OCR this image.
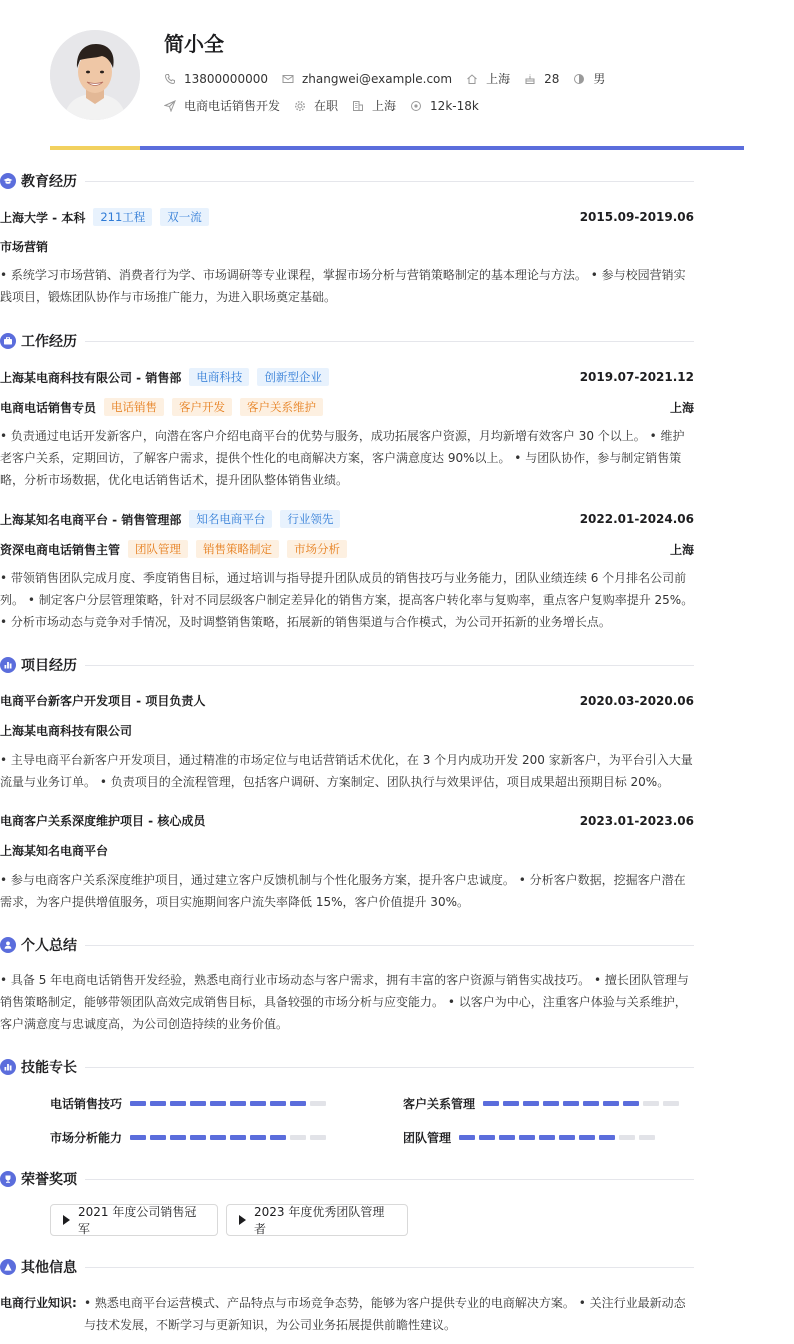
简小全
13800000000	zhangwei@example.com	上海	28	男
电商电话销售开发	在职	上海	12k-18k
教育经历
上海大学 - 本科	211工程	双一流	2015.09-2019.06
市场营销
• 系统学习市场营销、消费者行为学、市场调研等专业课程，掌握市场分析与营销策略制定的基本理论与方法。 • 参与校园营销实践项目，锻炼团队协作与市场推广能力，为进入职场奠定基础。
工作经历
上海某电商科技有限公司 - 销售部	电商科技	创新型企业	2019.07-2021.12
电商电话销售专员	电话销售	客户开发	客户关系维护	上海
• 负责通过电话开发新客户，向潜在客户介绍电商平台的优势与服务，成功拓展客户资源，月均新增有效客户 30 个以上。 • 维护老客户关系，定期回访，了解客户需求，提供个性化的电商解决方案，客户满意度达 90%以上。 • 与团队协作，参与制定销售策略，分析市场数据，优化电话销售话术，提升团队整体销售业绩。
上海某知名电商平台 - 销售管理部	知名电商平台	行业领先	2022.01-2024.06
资深电商电话销售主管	团队管理	销售策略制定	市场分析	上海
• 带领销售团队完成月度、季度销售目标，通过培训与指导提升团队成员的销售技巧与业务能力，团队业绩连续 6 个月排名公司前列。 • 制定客户分层管理策略，针对不同层级客户制定差异化的销售方案，提高客户转化率与复购率，重点客户复购率提升 25%。 • 分析市场动态与竞争对手情况，及时调整销售策略，拓展新的销售渠道与合作模式，为公司开拓新的业务增长点。
项目经历
电商平台新客户开发项目 - 项目负责人	2020.03-2020.06
上海某电商科技有限公司
• 主导电商平台新客户开发项目，通过精准的市场定位与电话营销话术优化，在 3 个月内成功开发 200 家新客户，为平台引入大量流量与业务订单。 • 负责项目的全流程管理，包括客户调研、方案制定、团队执行与效果评估，项目成果超出预期目标 20%。
电商客户关系深度维护项目 - 核心成员	2023.01-2023.06
上海某知名电商平台
• 参与电商客户关系深度维护项目，通过建立客户反馈机制与个性化服务方案，提升客户忠诚度。 • 分析客户数据，挖掘客户潜在需求，为客户提供增值服务，项目实施期间客户流失率降低 15%，客户价值提升 30%。
个人总结
• 具备 5 年电商电话销售开发经验，熟悉电商行业市场动态与客户需求，拥有丰富的客户资源与销售实战技巧。 • 擅长团队管理与销售策略制定，能够带领团队高效完成销售目标，具备较强的市场分析与应变能力。 • 以客户为中心，注重客户体验与关系维护，客户满意度与忠诚度高，为公司创造持续的业务价值。
技能专长
电话销售技巧	客户关系管理
市场分析能力	团队管理
荣誉奖项
2021 年度公司销售冠军
2023 年度优秀团队管理者
其他信息
电商行业知识: • 熟悉电商平台运营模式、产品特点与市场竞争态势，能够为客户提供专业的电商解决方案。 • 关注行业最新动态与技术发展，不断学习与更新知识，为公司业务拓展提供前瞻性建议。
